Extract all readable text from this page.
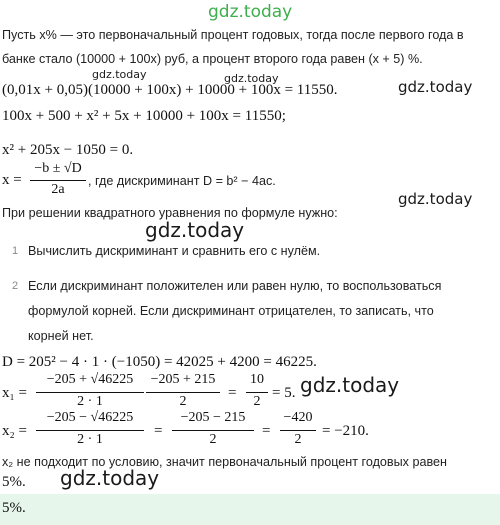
gdz.today
Пусть x% — это первоначальный процент годовых, тогда после первого года в
банке стало (10000 + 100x) руб, а процент второго года равен (x + 5) %.
gdz.today	gdz.today
(0,01x + 0,05)(10000 + 100x) + 10000 + 100x = 11550.	gdz.today
100x + 500 + x² + 5x + 10000 + 100x = 11550;
x² + 205x − 1050 = 0.
x =
−b ± √D
2a
, где дискриминант D = b² − 4ac.
gdz.today
При решении квадратного уравнения по формуле нужно:
gdz.today
1 Вычислить дискриминант и сравнить его с нулём.
2 Если дискриминант положителен или равен нулю, то воспользоваться
формулой корней. Если дискриминант отрицателен, то записать, что
корней нет.
D = 205² − 4 · 1 · (−1050) = 42025 + 4200 = 46225.
x₁ =
−205 + √46225
2 · 1
−205 + 215
2
=
10
2
= 5. gdz.today
x₂ =
−205 − √46225
2 · 1
=
−205 − 215
2
=
−420
2
= −210.
x₂ не подходит по условию, значит первоначальный процент годовых равен
5%. gdz.today
5%.
